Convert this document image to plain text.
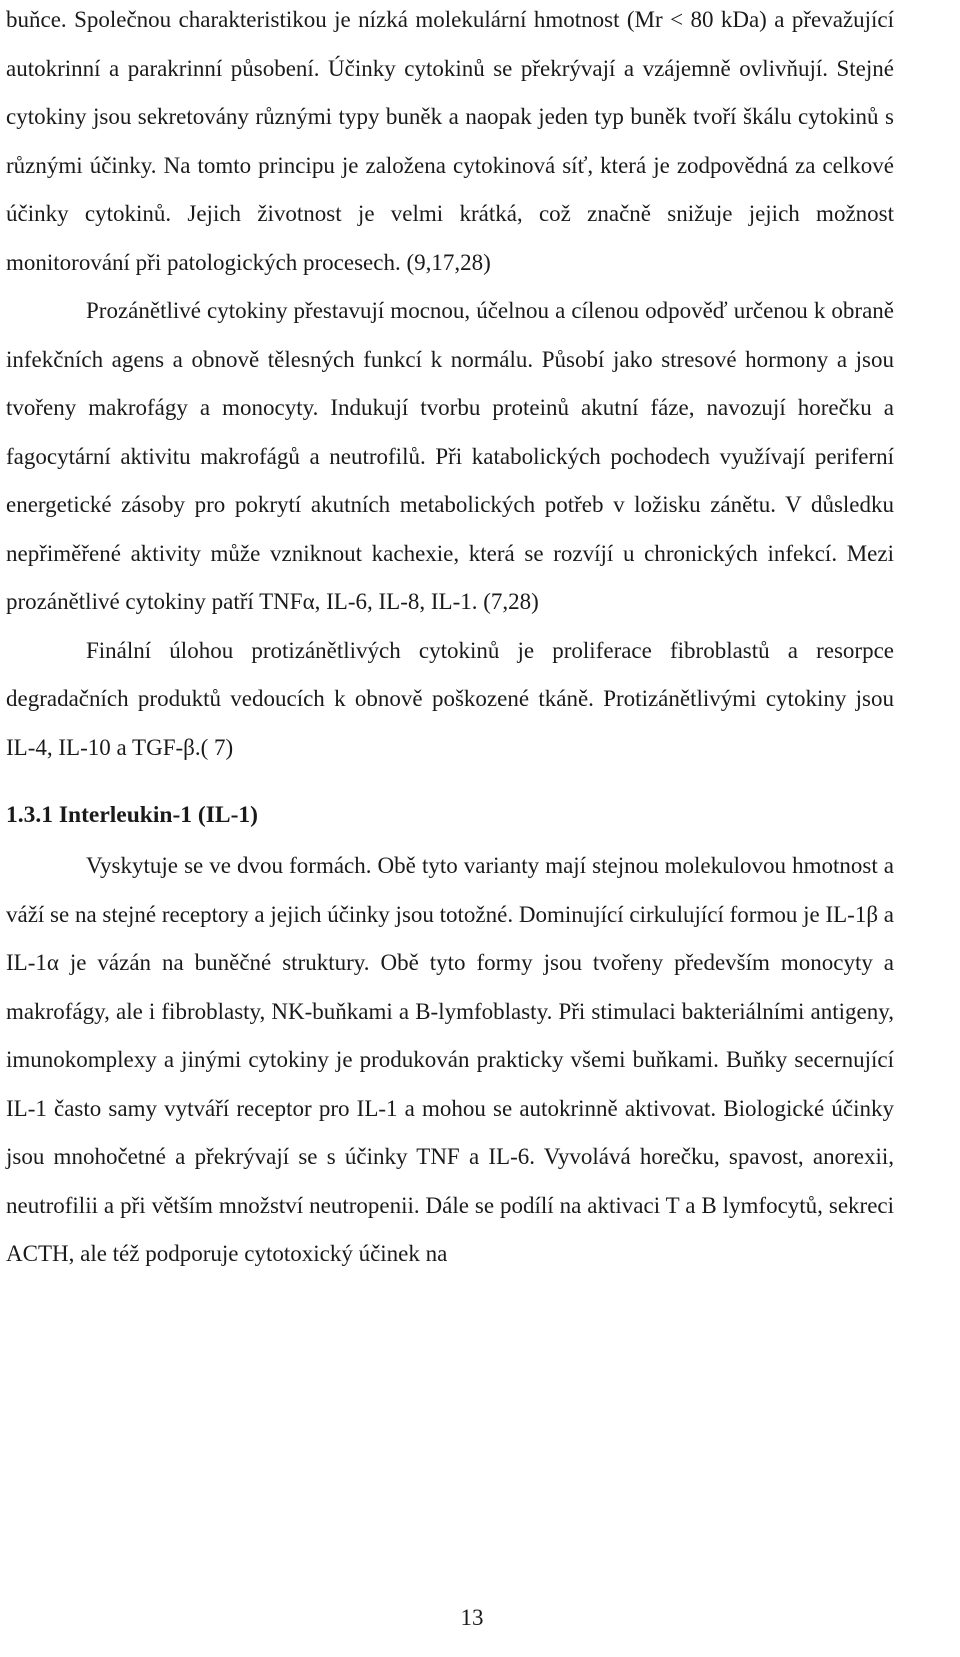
buňce. Společnou charakteristikou je nízká molekulární hmotnost (Mr < 80 kDa) a převažující autokrinní a parakrinní působení. Účinky cytokinů se překrývají a vzájemně ovlivňují. Stejné cytokiny jsou sekretovány různými typy buněk a naopak jeden typ buněk tvoří škálu cytokinů s různými účinky. Na tomto principu je založena cytokinová síť, která je zodpovědná za celkové účinky cytokinů. Jejich životnost je velmi krátká, což značně snižuje jejich možnost monitorování při patologických procesech. (9,17,28)

Prozánětlivé cytokiny přestavují mocnou, účelnou a cílenou odpověď určenou k obraně infekčních agens a obnově tělesných funkcí k normálu. Působí jako stresové hormony a jsou tvořeny makrofágy a monocyty. Indukují tvorbu proteinů akutní fáze, navozují horečku a fagocytární aktivitu makrofágů a neutrofilů. Při katabolických pochodech využívají periferní energetické zásoby pro pokrytí akutních metabolických potřeb v ložisku zánětu. V důsledku nepřiměřené aktivity může vzniknout kachexie, která se rozvíjí u chronických infekcí. Mezi prozánětlivé cytokiny patří TNFα, IL-6, IL-8, IL-1. (7,28)

Finální úlohou protizánětlivých cytokinů je proliferace fibroblastů a resorpce degradačních produktů vedoucích k obnově poškozené tkáně. Protizánětlivými cytokiny jsou IL-4, IL-10 a TGF-β.( 7)

1.3.1 Interleukin-1 (IL-1)

Vyskytuje se ve dvou formách. Obě tyto varianty mají stejnou molekulovou hmotnost a váží se na stejné receptory a jejich účinky jsou totožné. Dominující cirkulující formou je IL-1β a IL-1α je vázán na buněčné struktury. Obě tyto formy jsou tvořeny především monocyty a makrofágy, ale i fibroblasty, NK-buňkami a B-lymfoblasty. Při stimulaci bakteriálními antigeny, imunokomplexy a jinými cytokiny je produkován prakticky všemi buňkami. Buňky secernující IL-1 často samy vytváří receptor pro IL-1 a mohou se autokrinně aktivovat. Biologické účinky jsou mnohočetné a překrývají se s účinky TNF a IL-6. Vyvolává horečku, spavost, anorexii, neutrofilii a při větším množství neutropenii. Dále se podílí na aktivaci T a B lymfocytů, sekreci ACTH, ale též podporuje cytotoxický účinek na

13
